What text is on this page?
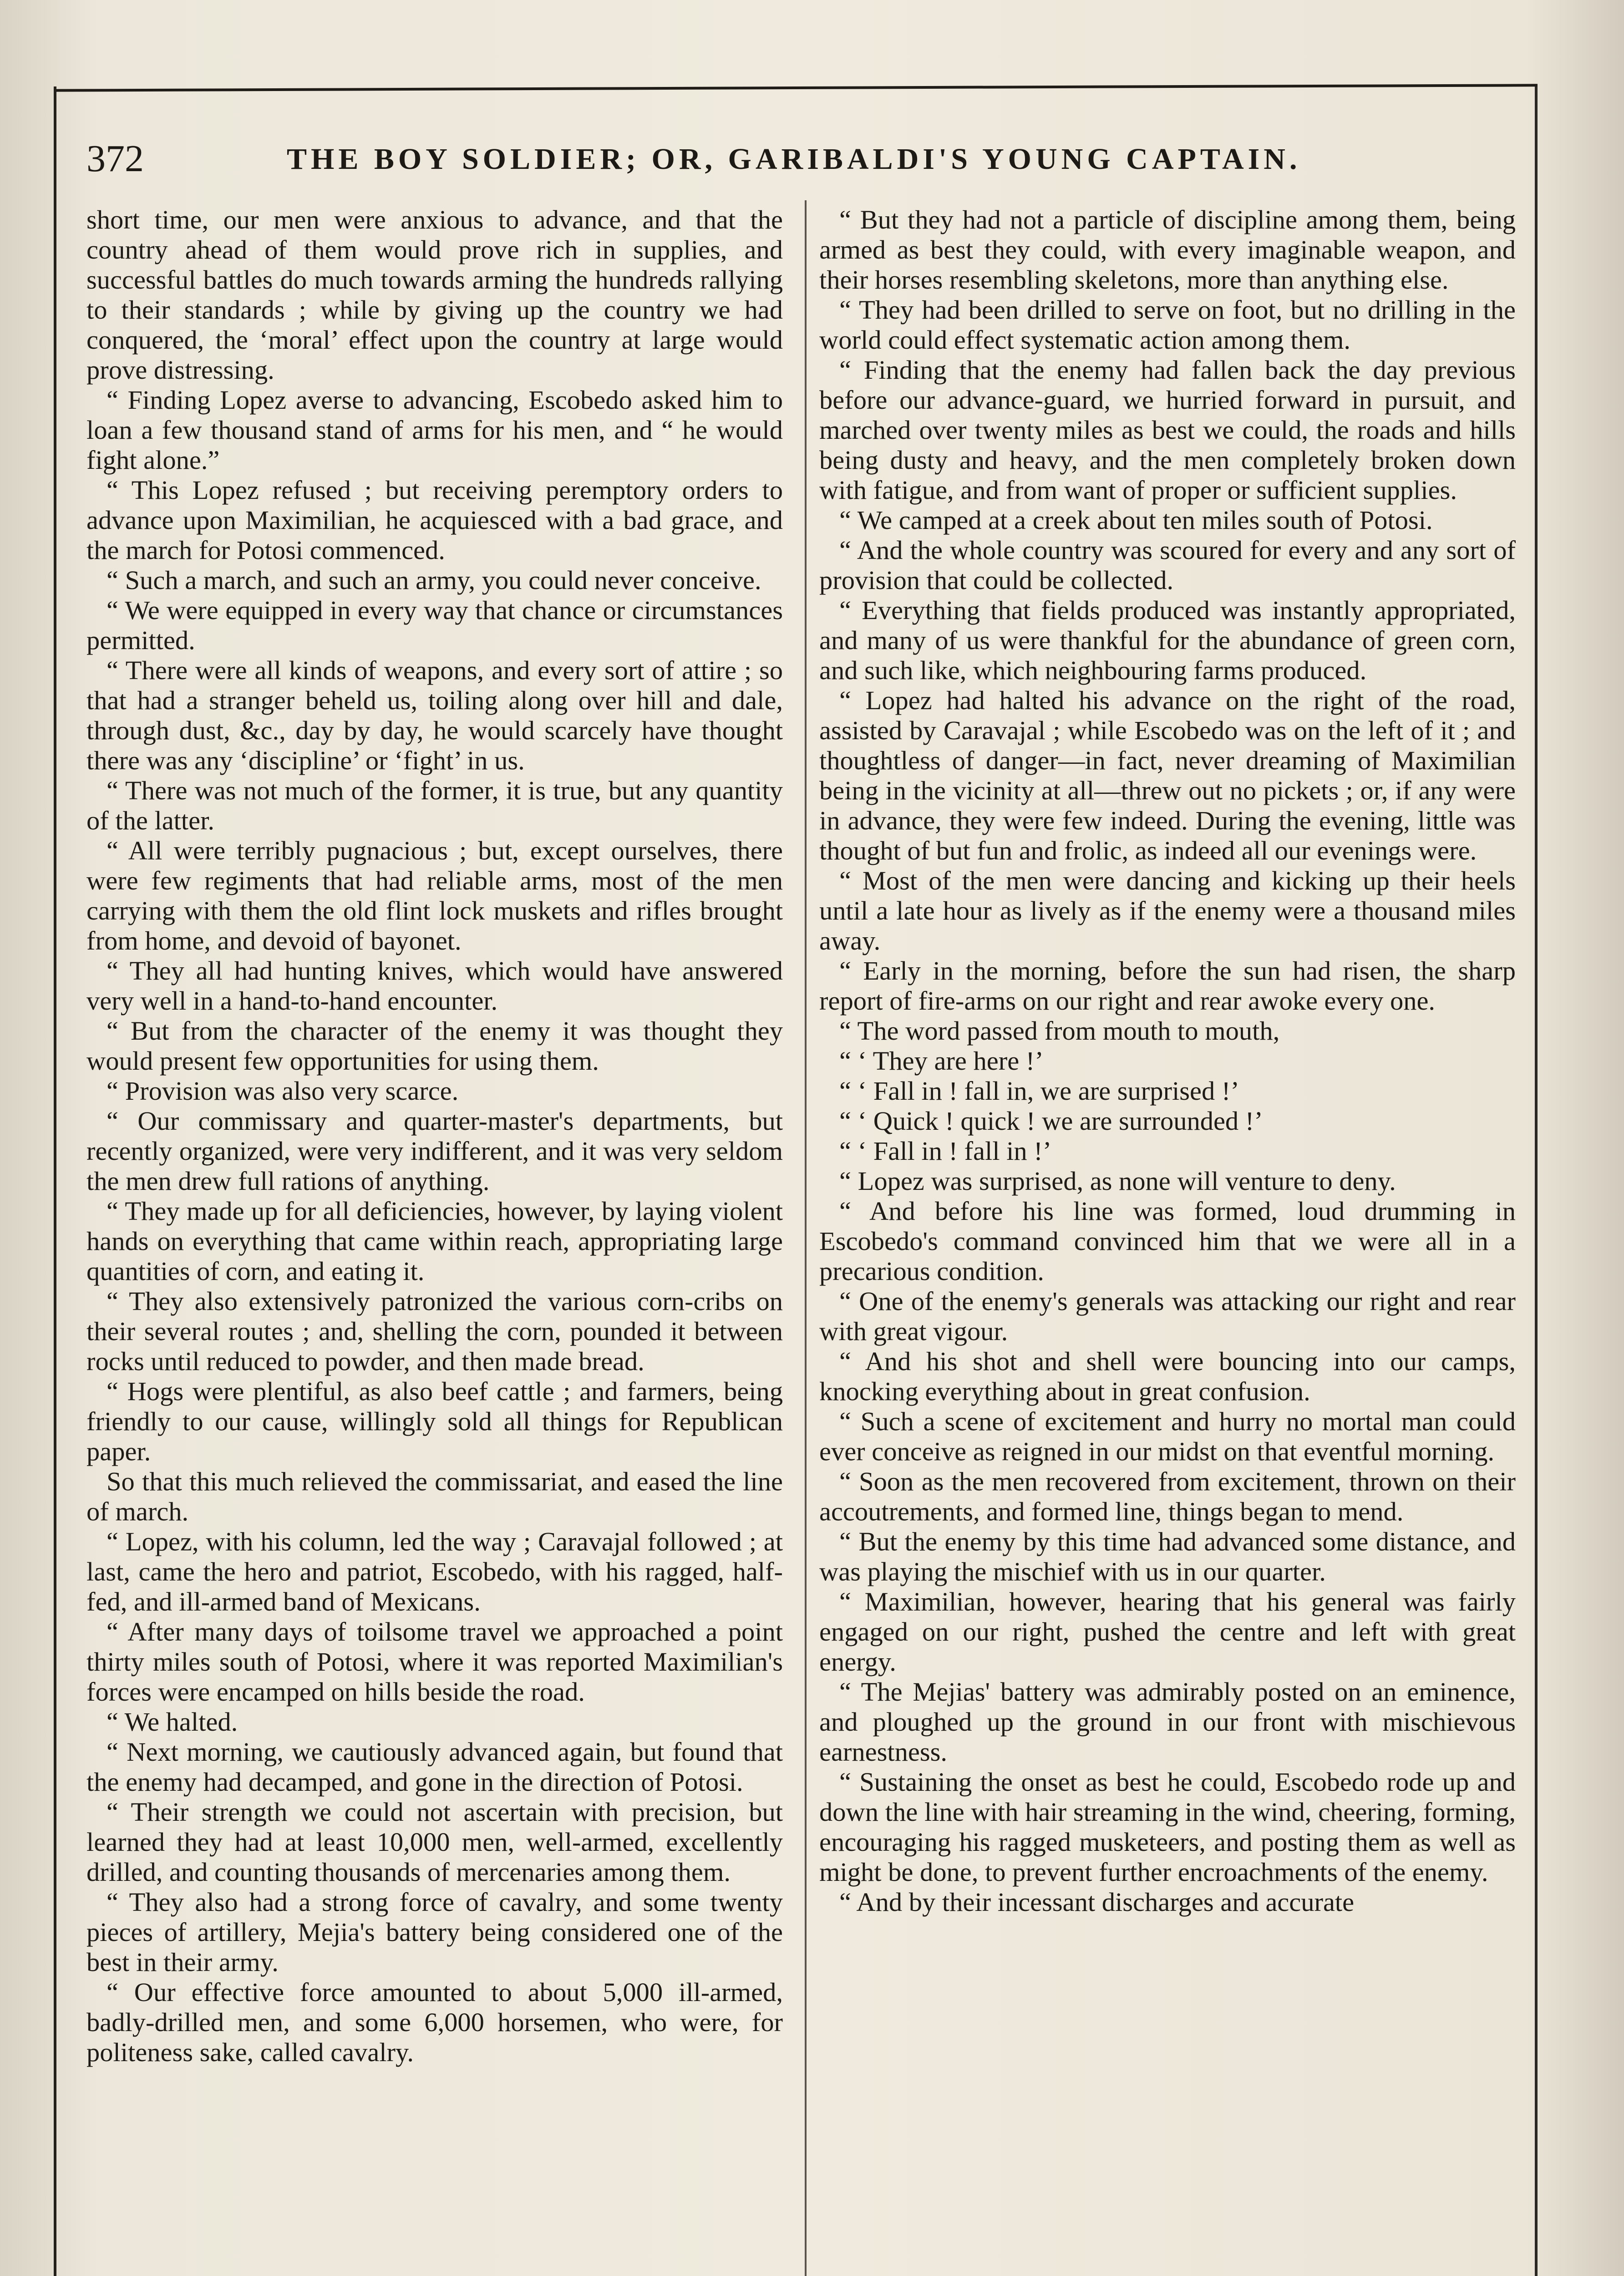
372	THE BOY SOLDIER; OR, GARIBALDI'S YOUNG CAPTAIN.

short time, our men were anxious to advance, and that the country ahead of them would prove rich in supplies, and successful battles do much towards arming the hundreds rallying to their standards ; while by giving up the country we had conquered, the ‘moral’ effect upon the country at large would prove distressing.

“ Finding Lopez averse to advancing, Escobedo asked him to loan a few thousand stand of arms for his men, and “ he would fight alone.”

“ This Lopez refused ; but receiving peremptory orders to advance upon Maximilian, he acquiesced with a bad grace, and the march for Potosi commenced.

“ Such a march, and such an army, you could never conceive.

“ We were equipped in every way that chance or circumstances permitted.

“ There were all kinds of weapons, and every sort of attire ; so that had a stranger beheld us, toiling along over hill and dale, through dust, &c., day by day, he would scarcely have thought there was any ‘discipline’ or ‘fight’ in us.

“ There was not much of the former, it is true, but any quantity of the latter.

“ All were terribly pugnacious ; but, except ourselves, there were few regiments that had reliable arms, most of the men carrying with them the old flint lock muskets and rifles brought from home, and devoid of bayonet.

“ They all had hunting knives, which would have answered very well in a hand-to-hand encounter.

“ But from the character of the enemy it was thought they would present few opportunities for using them.

“ Provision was also very scarce.

“ Our commissary and quarter-master's departments, but recently organized, were very indifferent, and it was very seldom the men drew full rations of anything.

“ They made up for all deficiencies, however, by laying violent hands on everything that came within reach, appropriating large quantities of corn, and eating it.

“ They also extensively patronized the various corn-cribs on their several routes ; and, shelling the corn, pounded it between rocks until reduced to powder, and then made bread.

“ Hogs were plentiful, as also beef cattle ; and farmers, being friendly to our cause, willingly sold all things for Republican paper.

So that this much relieved the commissariat, and eased the line of march.

“ Lopez, with his column, led the way ; Caravajal followed ; at last, came the hero and patriot, Escobedo, with his ragged, half-fed, and ill-armed band of Mexicans.

“ After many days of toilsome travel we approached a point thirty miles south of Potosi, where it was reported Maximilian's forces were encamped on hills beside the road.

“ We halted.

“ Next morning, we cautiously advanced again, but found that the enemy had decamped, and gone in the direction of Potosi.

“ Their strength we could not ascertain with precision, but learned they had at least 10,000 men, well-armed, excellently drilled, and counting thousands of mercenaries among them.

“ They also had a strong force of cavalry, and some twenty pieces of artillery, Mejia's battery being considered one of the best in their army.

“ Our effective force amounted to about 5,000 ill-armed, badly-drilled men, and some 6,000 horsemen, who were, for politeness sake, called cavalry.

“ But they had not a particle of discipline among them, being armed as best they could, with every imaginable weapon, and their horses resembling skeletons, more than anything else.

“ They had been drilled to serve on foot, but no drilling in the world could effect systematic action among them.

“ Finding that the enemy had fallen back the day previous before our advance-guard, we hurried forward in pursuit, and marched over twenty miles as best we could, the roads and hills being dusty and heavy, and the men completely broken down with fatigue, and from want of proper or sufficient supplies.

“ We camped at a creek about ten miles south of Potosi.

“ And the whole country was scoured for every and any sort of provision that could be collected.

“ Everything that fields produced was instantly appropriated, and many of us were thankful for the abundance of green corn, and such like, which neighbouring farms produced.

“ Lopez had halted his advance on the right of the road, assisted by Caravajal ; while Escobedo was on the left of it ; and thoughtless of danger—in fact, never dreaming of Maximilian being in the vicinity at all—threw out no pickets ; or, if any were in advance, they were few indeed. During the evening, little was thought of but fun and frolic, as indeed all our evenings were.

“ Most of the men were dancing and kicking up their heels until a late hour as lively as if the enemy were a thousand miles away.

“ Early in the morning, before the sun had risen, the sharp report of fire-arms on our right and rear awoke every one.

“ The word passed from mouth to mouth,

“ ‘ They are here !’

“ ‘ Fall in ! fall in, we are surprised !’

“ ‘ Quick ! quick ! we are surrounded !’

“ ‘ Fall in ! fall in !’

“ Lopez was surprised, as none will venture to deny.

“ And before his line was formed, loud drumming in Escobedo's command convinced him that we were all in a precarious condition.

“ One of the enemy's generals was attacking our right and rear with great vigour.

“ And his shot and shell were bouncing into our camps, knocking everything about in great confusion.

“ Such a scene of excitement and hurry no mortal man could ever conceive as reigned in our midst on that eventful morning.

“ Soon as the men recovered from excitement, thrown on their accoutrements, and formed line, things began to mend.

“ But the enemy by this time had advanced some distance, and was playing the mischief with us in our quarter.

“ Maximilian, however, hearing that his general was fairly engaged on our right, pushed the centre and left with great energy.

“ The Mejias' battery was admirably posted on an eminence, and ploughed up the ground in our front with mischievous earnestness.

“ Sustaining the onset as best he could, Escobedo rode up and down the line with hair streaming in the wind, cheering, forming, encouraging his ragged musketeers, and posting them as well as might be done, to prevent further encroachments of the enemy.

“ And by their incessant discharges and accurate
